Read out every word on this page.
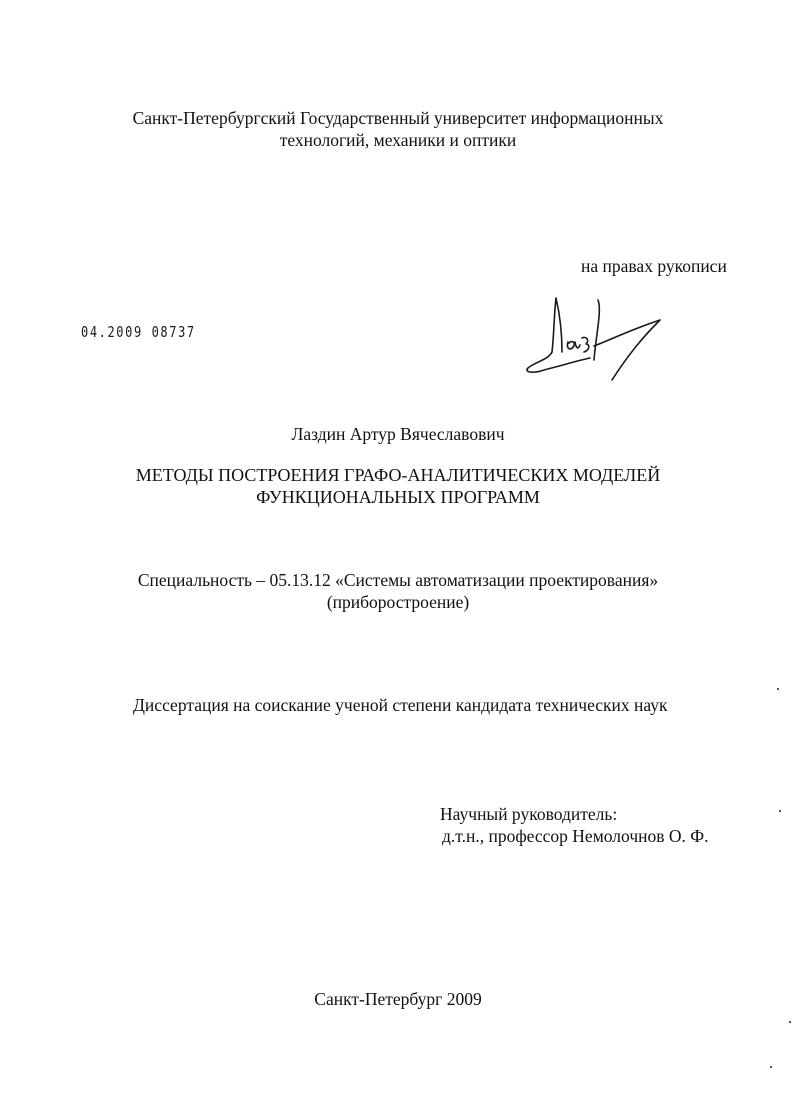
Санкт-Петербургский Государственный университет информационных
технологий, механики и оптики
на правах рукописи
04.2009 08737
Лаздин Артур Вячеславович
МЕТОДЫ ПОСТРОЕНИЯ ГРАФО-АНАЛИТИЧЕСКИХ МОДЕЛЕЙ
ФУНКЦИОНАЛЬНЫХ ПРОГРАММ
Специальность – 05.13.12 «Системы автоматизации проектирования»
(приборостроение)
Диссертация на соискание ученой степени кандидата технических наук
Научный руководитель:
д.т.н., профессор Немолочнов О. Ф.
Санкт-Петербург 2009
